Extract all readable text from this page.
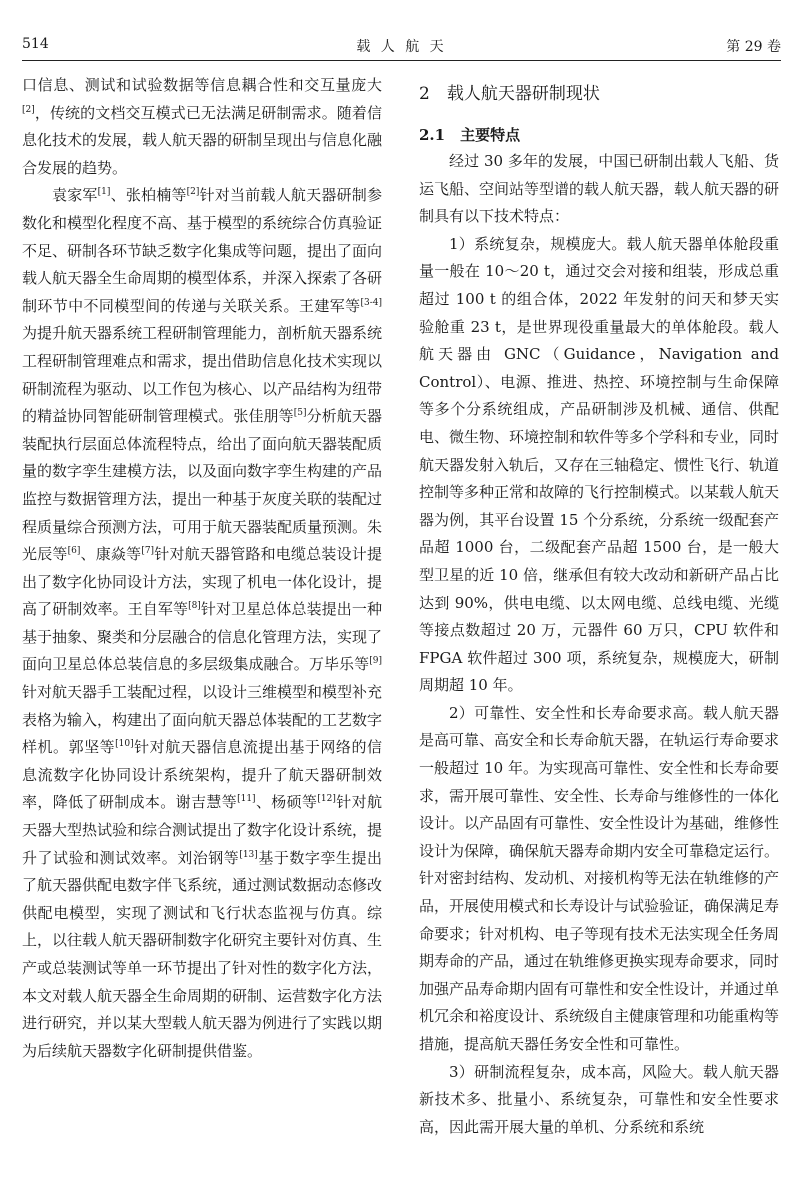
514	载 人 航 天	第 29 卷

口信息、测试和试验数据等信息耦合性和交互量庞大[2]，传统的文档交互模式已无法满足研制需求。随着信息化技术的发展，载人航天器的研制呈现出与信息化融合发展的趋势。

袁家军[1]、张柏楠等[2]针对当前载人航天器研制参数化和模型化程度不高、基于模型的系统综合仿真验证不足、研制各环节缺乏数字化集成等问题，提出了面向载人航天器全生命周期的模型体系，并深入探索了各研制环节中不同模型间的传递与关联关系。王建军等[3-4]为提升航天器系统工程研制管理能力，剖析航天器系统工程研制管理难点和需求，提出借助信息化技术实现以研制流程为驱动、以工作包为核心、以产品结构为纽带的精益协同智能研制管理模式。张佳朋等[5]分析航天器装配执行层面总体流程特点，给出了面向航天器装配质量的数字孪生建模方法，以及面向数字孪生构建的产品监控与数据管理方法，提出一种基于灰度关联的装配过程质量综合预测方法，可用于航天器装配质量预测。朱光辰等[6]、康焱等[7]针对航天器管路和电缆总装设计提出了数字化协同设计方法，实现了机电一体化设计，提高了研制效率。王自军等[8]针对卫星总体总装提出一种基于抽象、聚类和分层融合的信息化管理方法，实现了面向卫星总体总装信息的多层级集成融合。万毕乐等[9]针对航天器手工装配过程，以设计三维模型和模型补充表格为输入，构建出了面向航天器总体装配的工艺数字样机。郭坚等[10]针对航天器信息流提出基于网络的信息流数字化协同设计系统架构，提升了航天器研制效率，降低了研制成本。谢吉慧等[11]、杨硕等[12]针对航天器大型热试验和综合测试提出了数字化设计系统，提升了试验和测试效率。刘治钢等[13]基于数字孪生提出了航天器供配电数字伴飞系统，通过测试数据动态修改供配电模型，实现了测试和飞行状态监视与仿真。综上，以往载人航天器研制数字化研究主要针对仿真、生产或总装测试等单一环节提出了针对性的数字化方法，本文对载人航天器全生命周期的研制、运营数字化方法进行研究，并以某大型载人航天器为例进行了实践以期为后续航天器数字化研制提供借鉴。

2　载人航天器研制现状
2.1　主要特点

经过 30 多年的发展，中国已研制出载人飞船、货运飞船、空间站等型谱的载人航天器，载人航天器的研制具有以下技术特点：

1）系统复杂，规模庞大。载人航天器单体舱段重量一般在 10～20 t，通过交会对接和组装，形成总重超过 100 t 的组合体，2022 年发射的问天和梦天实验舱重 23 t，是世界现役重量最大的单体舱段。载人航天器由 GNC（Guidance，Navigation and Control）、电源、推进、热控、环境控制与生命保障等多个分系统组成，产品研制涉及机械、通信、供配电、微生物、环境控制和软件等多个学科和专业，同时航天器发射入轨后，又存在三轴稳定、惯性飞行、轨道控制等多种正常和故障的飞行控制模式。以某载人航天器为例，其平台设置 15 个分系统，分系统一级配套产品超 1000 台，二级配套产品超 1500 台，是一般大型卫星的近 10 倍，继承但有较大改动和新研产品占比达到 90%，供电电缆、以太网电缆、总线电缆、光缆等接点数超过 20 万，元器件 60 万只，CPU 软件和 FPGA 软件超过 300 项，系统复杂，规模庞大，研制周期超 10 年。

2）可靠性、安全性和长寿命要求高。载人航天器是高可靠、高安全和长寿命航天器，在轨运行寿命要求一般超过 10 年。为实现高可靠性、安全性和长寿命要求，需开展可靠性、安全性、长寿命与维修性的一体化设计。以产品固有可靠性、安全性设计为基础，维修性设计为保障，确保航天器寿命期内安全可靠稳定运行。针对密封结构、发动机、对接机构等无法在轨维修的产品，开展使用模式和长寿设计与试验验证，确保满足寿命要求；针对机构、电子等现有技术无法实现全任务周期寿命的产品，通过在轨维修更换实现寿命要求，同时加强产品寿命期内固有可靠性和安全性设计，并通过单机冗余和裕度设计、系统级自主健康管理和功能重构等措施，提高航天器任务安全性和可靠性。

3）研制流程复杂，成本高，风险大。载人航天器新技术多、批量小、系统复杂，可靠性和安全性要求高，因此需开展大量的单机、分系统和系统
